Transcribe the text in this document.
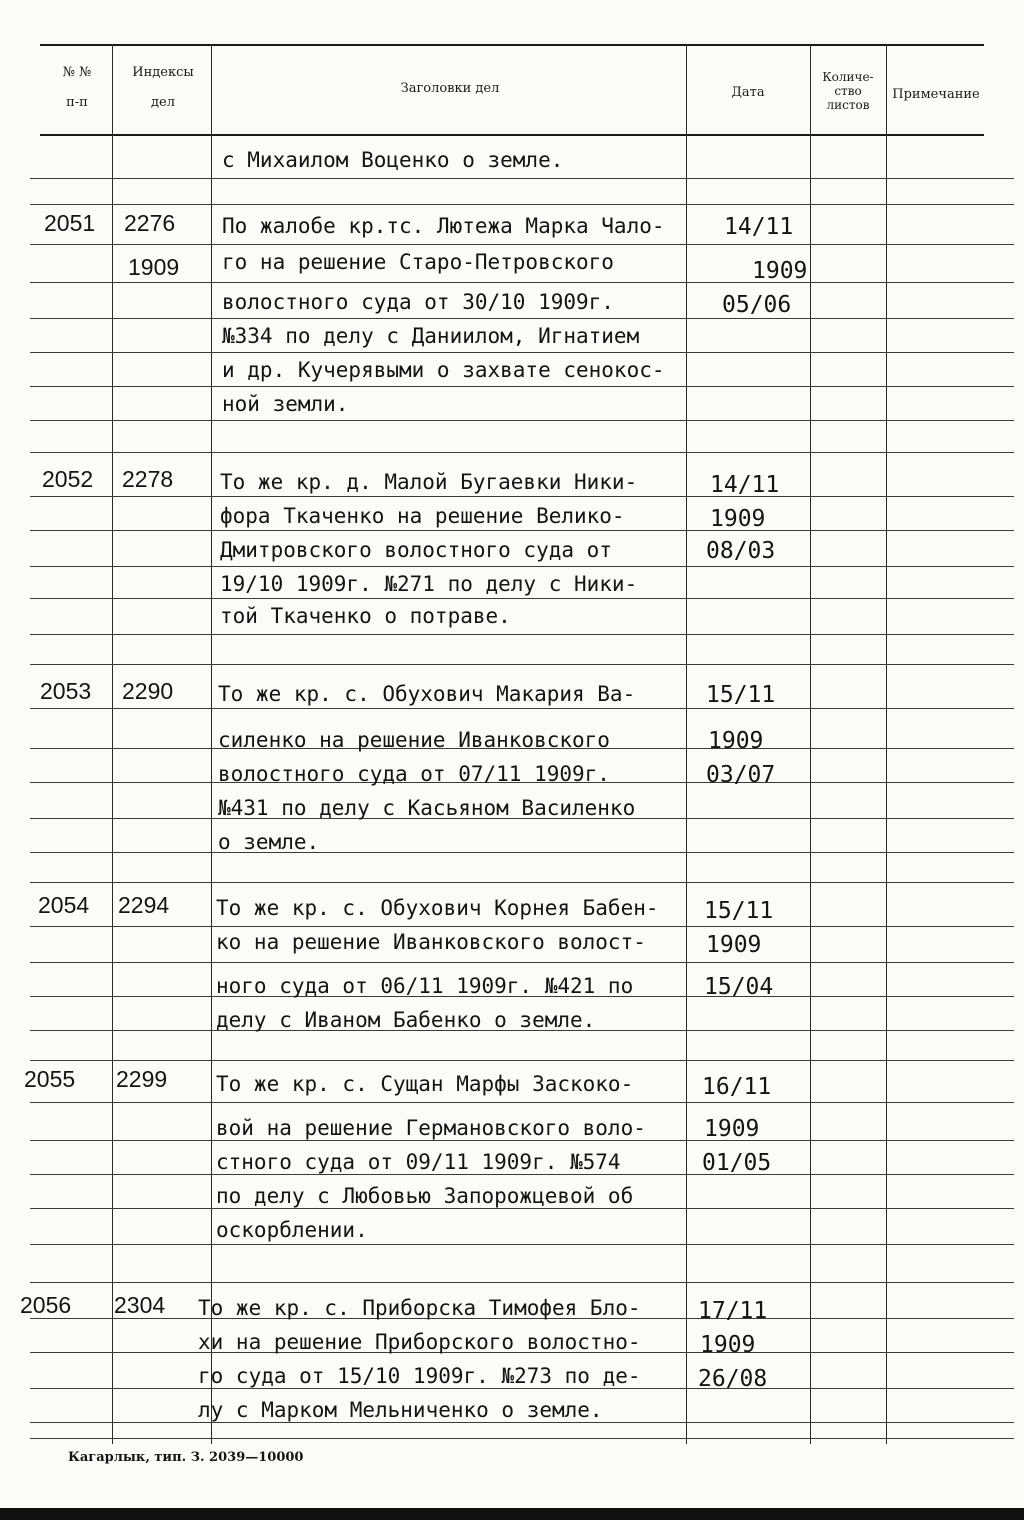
№ №
п-п
Индексы
дел
Заголовки дел	Дата
Количе-
ство
листов
Примечание
с Михаилом Воценко о земле.
2051 2276
1909
По жалобе кр.тс. Лютежа Марка Чало-
го на решение Старо-Петровского
волостного суда от 30/10 1909г.
№334 по делу с Даниилом, Игнатием
и др. Кучерявыми о захвате сенокос-
ной земли.
14/11
1909
05/06
2052 2278 То же кр. д. Малой Бугаевки Ники-
фора Ткаченко на решение Велико-
Дмитровского волостного суда от
19/10 1909г. №271 по делу с Ники-
той Ткаченко о потраве.
14/11
1909
08/03
2053 2290 То же кр. с. Обухович Макария Ва-
силенко на решение Иванковского
волостного суда от 07/11 1909г.
№431 по делу с Касьяном Василенко
о земле.
15/11
1909
03/07
2054 2294 То же кр. с. Обухович Корнея Бабен-
ко на решение Иванковского волост-
ного суда от 06/11 1909г. №421 по
делу с Иваном Бабенко о земле.
15/11
1909
15/04
2055 2299 То же кр. с. Сущан Марфы Заскоко-
вой на решение Германовского воло-
стного суда от 09/11 1909г. №574
по делу с Любовью Запорожцевой об
оскорблении.
16/11
1909
01/05
2056 2304 То же кр. с. Приборска Тимофея Бло-
хи на решение Приборского волостно-
го суда от 15/10 1909г. №273 по де-
лу с Марком Мельниченко о земле.
17/11
1909
26/08
Кагарлык, тип. З. 2039—10000
